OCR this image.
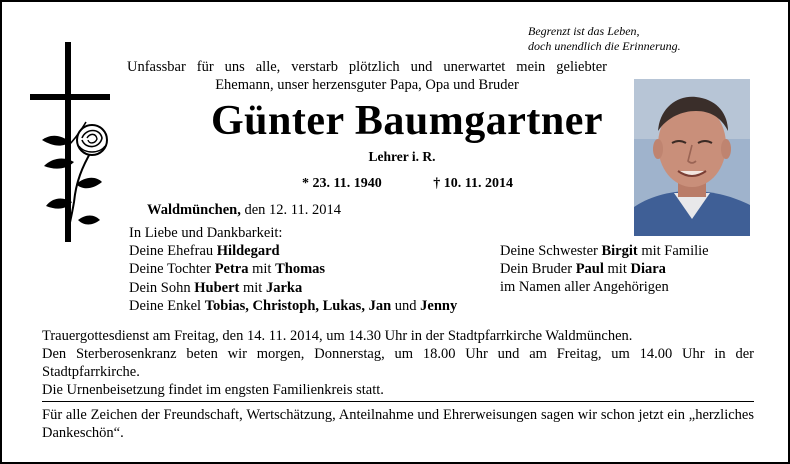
Begrenzt ist das Leben,
doch unendlich die Erinnerung.
Unfassbar für uns alle, verstarb plötzlich und unerwartet mein geliebter
Ehemann, unser herzensguter Papa, Opa und Bruder
Günter Baumgartner
Lehrer i. R.
* 23. 11. 1940	† 10. 11. 2014
Waldmünchen, den 12. 11. 2014
In Liebe und Dankbarkeit:
Deine Ehefrau Hildegard
Deine Tochter Petra mit Thomas
Dein Sohn Hubert mit Jarka
Deine Enkel Tobias, Christoph, Lukas, Jan und Jenny
Deine Schwester Birgit mit Familie
Dein Bruder Paul mit Diara
im Namen aller Angehörigen
Trauergottesdienst am Freitag, den 14. 11. 2014, um 14.30 Uhr in der Stadtpfarrkirche Waldmünchen.
Den Sterberosenkranz beten wir morgen, Donnerstag, um 18.00 Uhr und am Freitag, um 14.00 Uhr in der Stadtpfarrkirche.
Die Urnenbeisetzung findet im engsten Familienkreis statt.
Für alle Zeichen der Freundschaft, Wertschätzung, Anteilnahme und Ehrerweisungen sagen wir schon jetzt ein „herzliches Dankeschön“.
